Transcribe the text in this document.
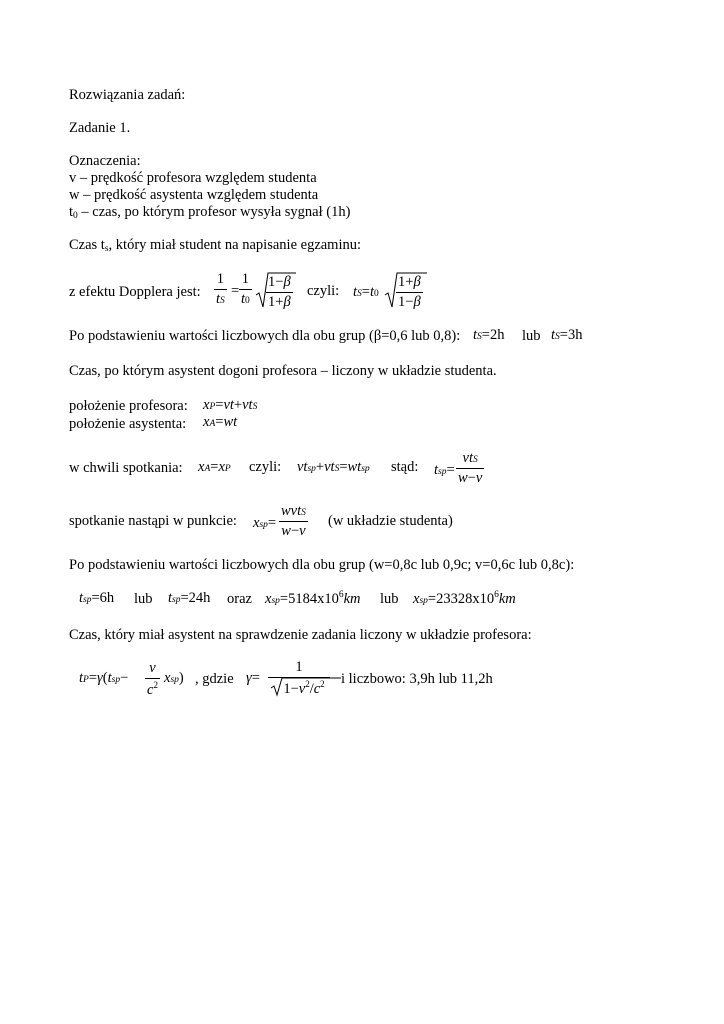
Rozwiązania zadań:
Zadanie 1.
Oznaczenia:
v – prędkość profesora względem studenta
w – prędkość asystenta względem studenta
t0 – czas, po którym profesor wysyła sygnał (1h)
Czas ts, który miał student na napisanie egzaminu:
z efektu Dopplera jest:
1
tS
=
1
t0
1−β
1+β
czyli: tS=t0
1+β
1−β
Po podstawieniu wartości liczbowych dla obu grup (β=0,6 lub 0,8): tS=2h lub tS=3h
Czas, po którym asystent dogoni profesora – liczony w układzie studenta.
położenie profesora: xP=vt+vtS
położenie asystenta: xA=wt
w chwili spotkania: xA=xP czyli: vtsp+vtS=wtsp stąd: tsp=
vtS
w−v
spotkanie nastąpi w punkcie: xsp=
wvtS
w−v
(w układzie studenta)
Po podstawieniu wartości liczbowych dla obu grup (w=0,8c lub 0,9c; v=0,6c lub 0,8c):
tsp=6h lub tsp=24h oraz $xsp=5184x10^6km$ lub $xsp=23328x10^6km$
Czas, który miał asystent na sprawdzenie zadania liczony w układzie profesora:
tP=γ(tsp−
v
$c^2$ xsp) , gdzie γ=
1
$1-v^2/c^2$ i liczbowo: 3,9h lub 11,2h
